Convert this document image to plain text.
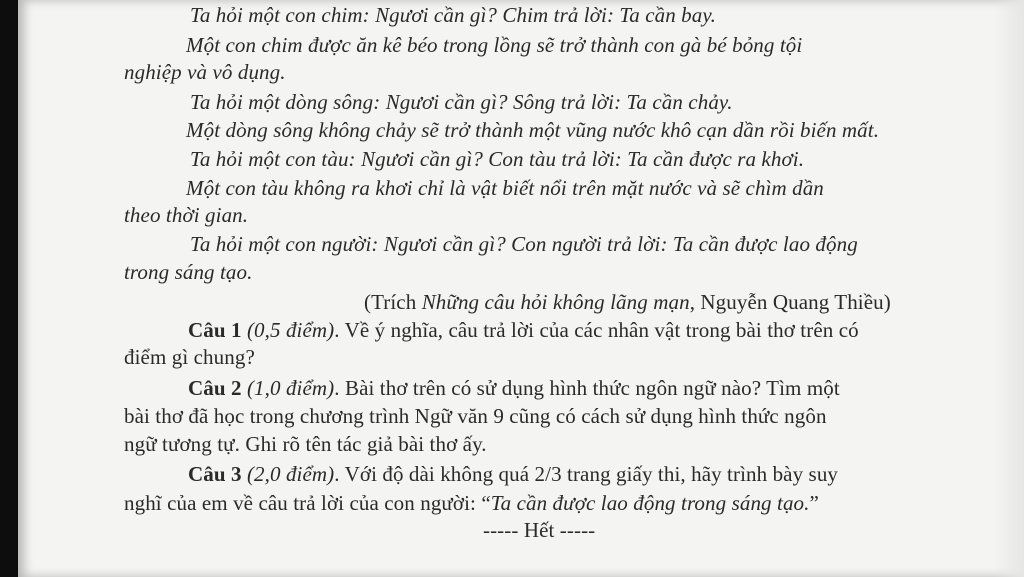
Ta hỏi một con chim: Ngươi cần gì? Chim trả lời: Ta cần bay.
Một con chim được ăn kê béo trong lồng sẽ trở thành con gà bé bỏng tội
nghiệp và vô dụng.
Ta hỏi một dòng sông: Ngươi cần gì? Sông trả lời: Ta cần chảy.
Một dòng sông không chảy sẽ trở thành một vũng nước khô cạn dần rồi biến mất.
Ta hỏi một con tàu: Ngươi cần gì? Con tàu trả lời: Ta cần được ra khơi.
Một con tàu không ra khơi chỉ là vật biết nổi trên mặt nước và sẽ chìm dần
theo thời gian.
Ta hỏi một con người: Ngươi cần gì? Con người trả lời: Ta cần được lao động
trong sáng tạo.
(Trích Những câu hỏi không lãng mạn, Nguyễn Quang Thiều)
Câu 1 (0,5 điểm). Về ý nghĩa, câu trả lời của các nhân vật trong bài thơ trên có
điểm gì chung?
Câu 2 (1,0 điểm). Bài thơ trên có sử dụng hình thức ngôn ngữ nào? Tìm một
bài thơ đã học trong chương trình Ngữ văn 9 cũng có cách sử dụng hình thức ngôn
ngữ tương tự. Ghi rõ tên tác giả bài thơ ấy.
Câu 3 (2,0 điểm). Với độ dài không quá 2/3 trang giấy thi, hãy trình bày suy
nghĩ của em về câu trả lời của con người: “Ta cần được lao động trong sáng tạo.”
----- Hết -----
